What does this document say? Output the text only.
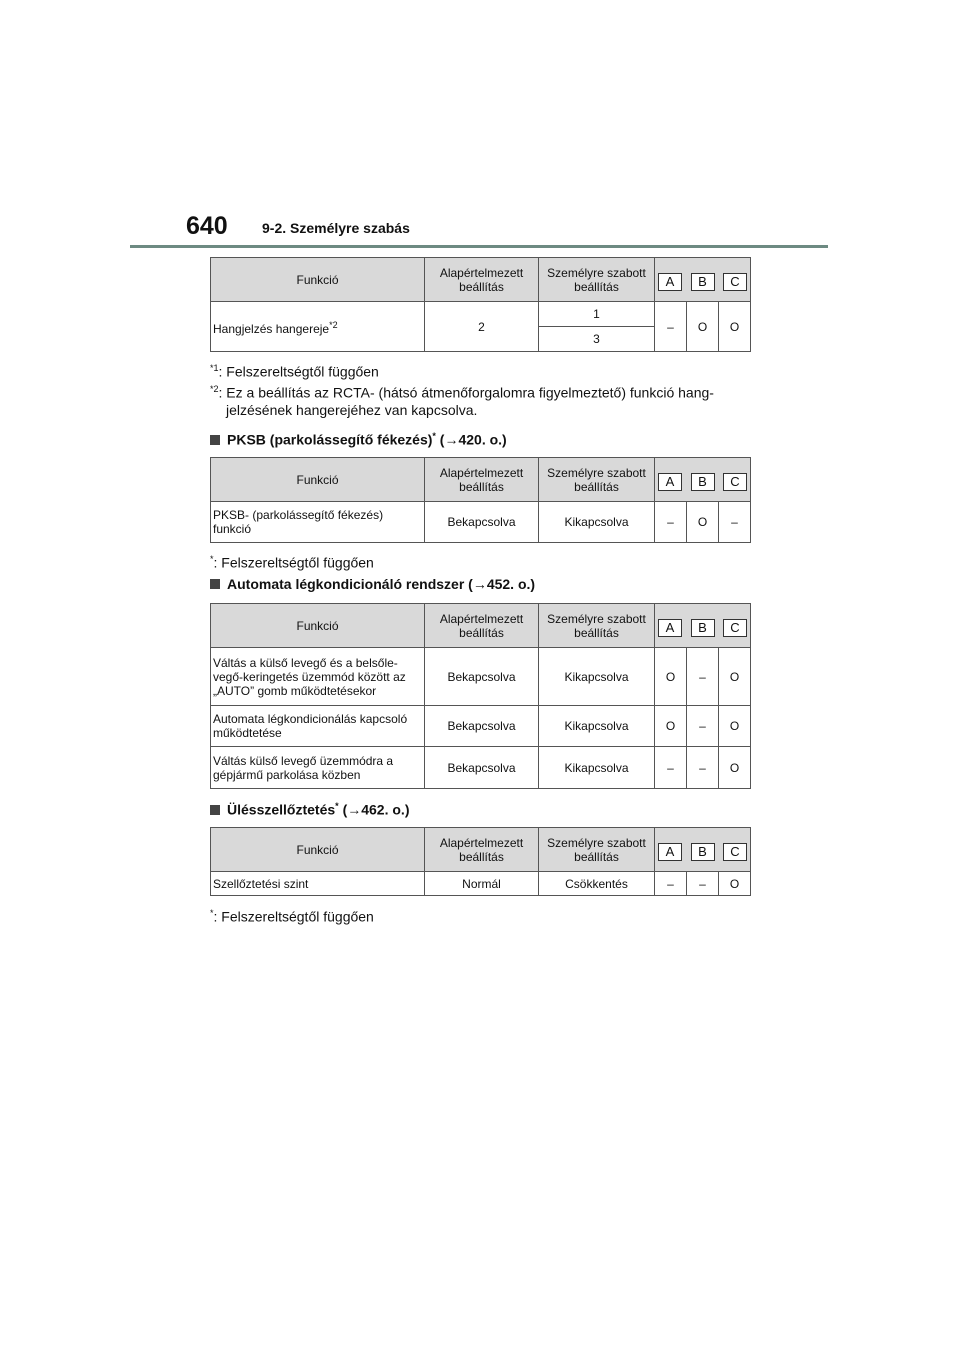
640 9-2. Személyre szabás
Funkció	Alapértelmezett beállítás	Személyre szabott beállítás	A B C		

Hangjelzés hangereje$^{*2}$	2	1	–	O	O
		3			
$^{*1}$: Felszereltségtől függően
$^{*2}$: Ez a beállítás az RCTA- (hátsó átmenőforgalomra figyelmeztető) funkció hang-
jelzésének hangerejéhez van kapcsolva.
PKSB (parkolássegítő fékezés)* (→420. o.)
Funkció	Alapértelmezett beállítás	Személyre szabott beállítás	A B C		

PKSB- (parkolássegítő fékezés) funkció	Bekapcsolva	Kikapcsolva	–	O	–
*: Felszereltségtől függően
Automata légkondicionáló rendszer (→452. o.)
Funkció	Alapértelmezett beállítás	Személyre szabott beállítás	A B C		

Váltás a külső levegő és a belsőle-vegő-keringetés üzemmód között az „AUTO” gomb működtetésekor	Bekapcsolva	Kikapcsolva	O	–	O
Automata légkondicionálás kapcsoló működtetése	Bekapcsolva	Kikapcsolva	O	–	O
Váltás külső levegő üzemmódra a gépjármű parkolása közben	Bekapcsolva	Kikapcsolva	–	–	O
Ülésszellőztetés* (→462. o.)
Funkció	Alapértelmezett beállítás	Személyre szabott beállítás	A B C		

Szellőztetési szint	Normál	Csökkentés	–	–	O
*: Felszereltségtől függően
